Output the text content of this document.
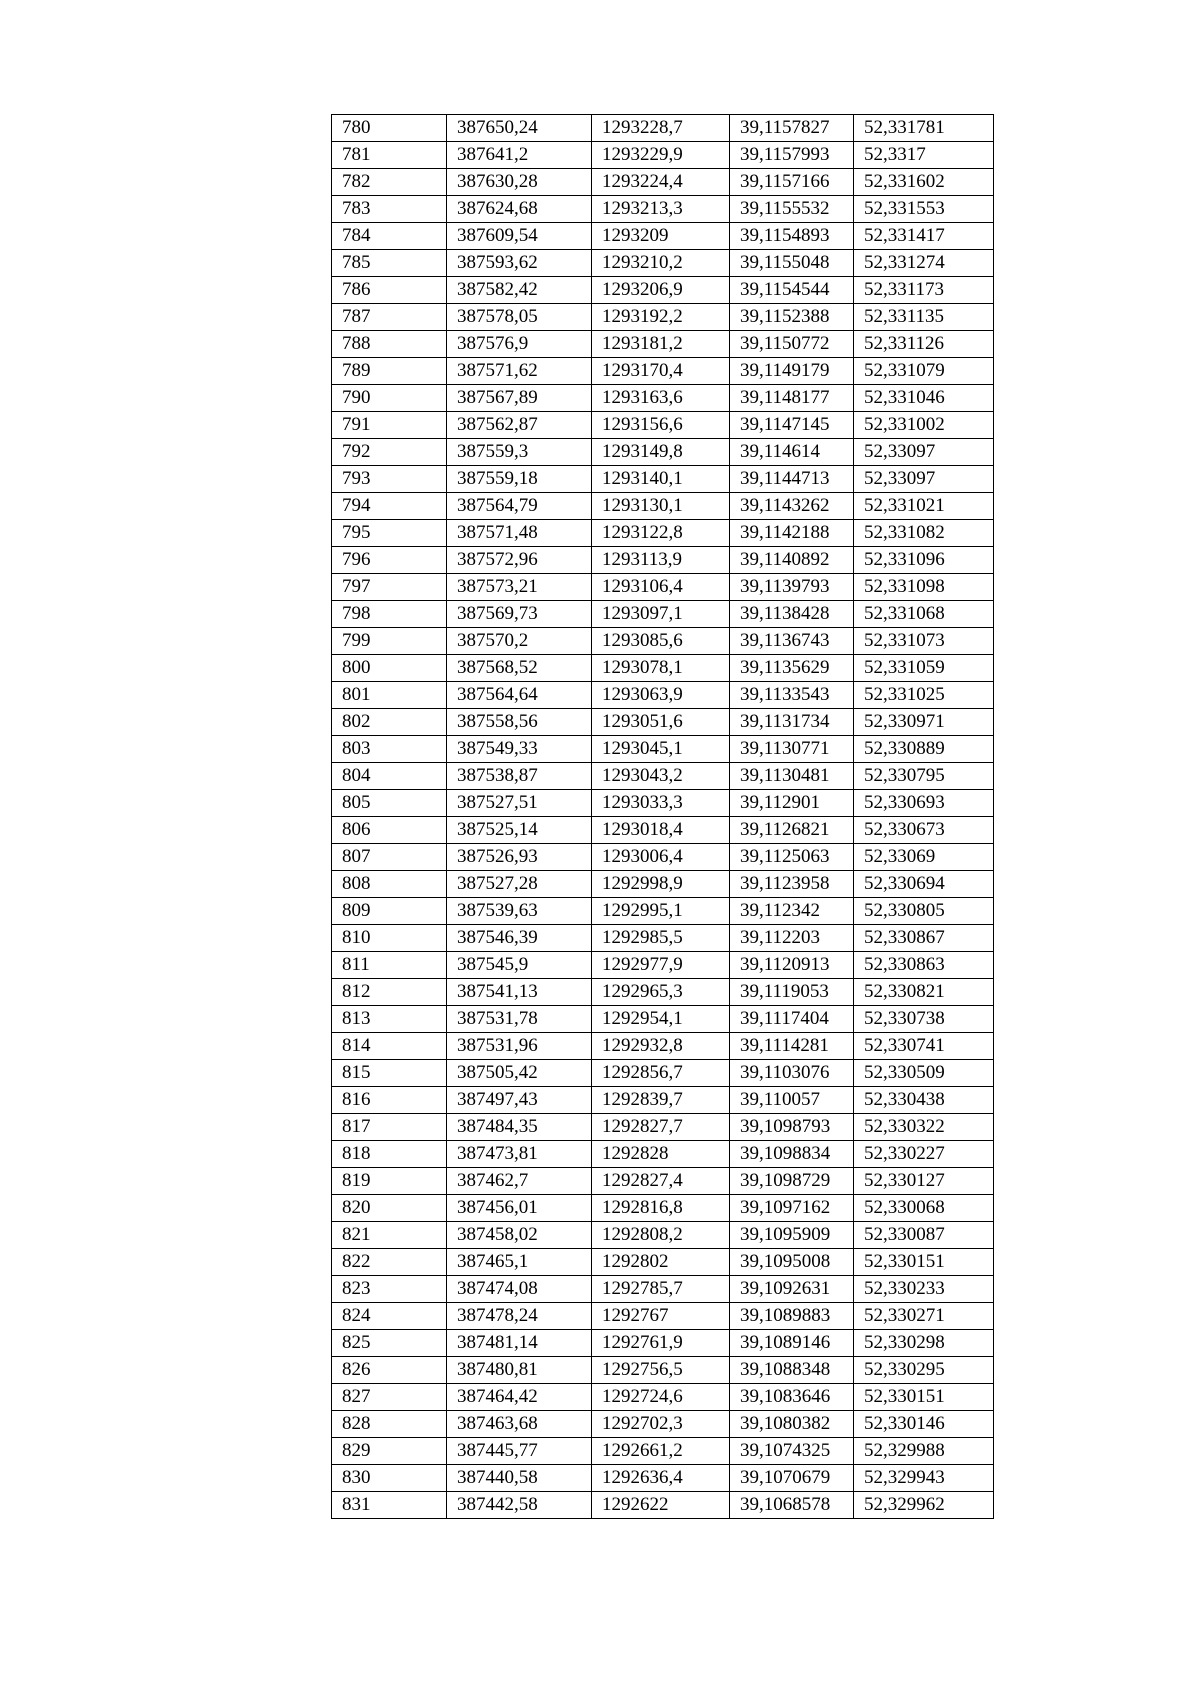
780	387650,24	1293228,7	39,1157827	52,331781
781	387641,2	1293229,9	39,1157993	52,3317
782	387630,28	1293224,4	39,1157166	52,331602
783	387624,68	1293213,3	39,1155532	52,331553
784	387609,54	1293209	39,1154893	52,331417
785	387593,62	1293210,2	39,1155048	52,331274
786	387582,42	1293206,9	39,1154544	52,331173
787	387578,05	1293192,2	39,1152388	52,331135
788	387576,9	1293181,2	39,1150772	52,331126
789	387571,62	1293170,4	39,1149179	52,331079
790	387567,89	1293163,6	39,1148177	52,331046
791	387562,87	1293156,6	39,1147145	52,331002
792	387559,3	1293149,8	39,114614	52,33097
793	387559,18	1293140,1	39,1144713	52,33097
794	387564,79	1293130,1	39,1143262	52,331021
795	387571,48	1293122,8	39,1142188	52,331082
796	387572,96	1293113,9	39,1140892	52,331096
797	387573,21	1293106,4	39,1139793	52,331098
798	387569,73	1293097,1	39,1138428	52,331068
799	387570,2	1293085,6	39,1136743	52,331073
800	387568,52	1293078,1	39,1135629	52,331059
801	387564,64	1293063,9	39,1133543	52,331025
802	387558,56	1293051,6	39,1131734	52,330971
803	387549,33	1293045,1	39,1130771	52,330889
804	387538,87	1293043,2	39,1130481	52,330795
805	387527,51	1293033,3	39,112901	52,330693
806	387525,14	1293018,4	39,1126821	52,330673
807	387526,93	1293006,4	39,1125063	52,33069
808	387527,28	1292998,9	39,1123958	52,330694
809	387539,63	1292995,1	39,112342	52,330805
810	387546,39	1292985,5	39,112203	52,330867
811	387545,9	1292977,9	39,1120913	52,330863
812	387541,13	1292965,3	39,1119053	52,330821
813	387531,78	1292954,1	39,1117404	52,330738
814	387531,96	1292932,8	39,1114281	52,330741
815	387505,42	1292856,7	39,1103076	52,330509
816	387497,43	1292839,7	39,110057	52,330438
817	387484,35	1292827,7	39,1098793	52,330322
818	387473,81	1292828	39,1098834	52,330227
819	387462,7	1292827,4	39,1098729	52,330127
820	387456,01	1292816,8	39,1097162	52,330068
821	387458,02	1292808,2	39,1095909	52,330087
822	387465,1	1292802	39,1095008	52,330151
823	387474,08	1292785,7	39,1092631	52,330233
824	387478,24	1292767	39,1089883	52,330271
825	387481,14	1292761,9	39,1089146	52,330298
826	387480,81	1292756,5	39,1088348	52,330295
827	387464,42	1292724,6	39,1083646	52,330151
828	387463,68	1292702,3	39,1080382	52,330146
829	387445,77	1292661,2	39,1074325	52,329988
830	387440,58	1292636,4	39,1070679	52,329943
831	387442,58	1292622	39,1068578	52,329962
